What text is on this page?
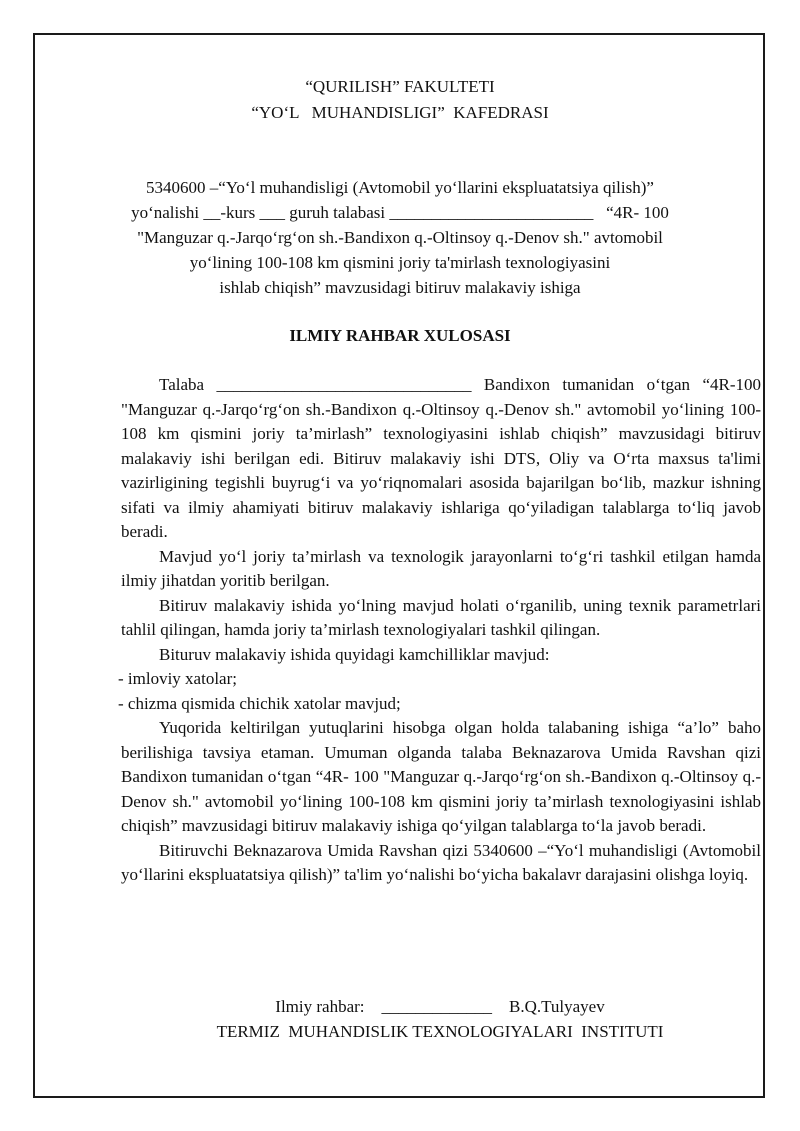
“QURILISH” FAKULTETI
“YO‘L   MUHANDISLIGI”  KAFEDRASI
5340600 –“Yo‘l muhandisligi (Avtomobil yo‘llarini ekspluatatsiya qilish)”
yo‘nalishi __-kurs ___ guruh talabasi ________________________   “4R- 100
"Manguzar q.-Jarqo‘rg‘on sh.-Bandixon q.-Oltinsoy q.-Denov sh." avtomobil
yo‘lining 100-108 km qismini joriy ta'mirlash texnologiyasini
ishlab chiqish” mavzusidagi bitiruv malakaviy ishiga
ILMIY RAHBAR XULOSASI

Talaba ______________________________ Bandixon tumanidan o‘tgan “4R-100 "Manguzar q.-Jarqo‘rg‘on sh.-Bandixon q.-Oltinsoy q.-Denov sh." avtomobil yo‘lining 100-108 km qismini joriy ta’mirlash” texnologiyasini ishlab chiqish” mavzusidagi bitiruv malakaviy ishi berilgan edi. Bitiruv malakaviy ishi DTS, Oliy va O‘rta maxsus ta'limi vazirligining tegishli buyrug‘i va yo‘riqnomalari asosida bajarilgan bo‘lib, mazkur ishning sifati va ilmiy ahamiyati bitiruv malakaviy ishlariga qo‘yiladigan talablarga to‘liq javob beradi.

Mavjud yo‘l joriy ta’mirlash va texnologik jarayonlarni to‘g‘ri tashkil etilgan hamda ilmiy jihatdan yoritib berilgan.

Bitiruv malakaviy ishida yo‘lning mavjud holati o‘rganilib, uning texnik parametrlari tahlil qilingan, hamda joriy ta’mirlash texnologiyalari tashkil qilingan.

Bituruv malakaviy ishida quyidagi kamchilliklar mavjud:

- imloviy xatolar;

- chizma qismida chichik xatolar mavjud;

Yuqorida keltirilgan yutuqlarini hisobga olgan holda talabaning ishiga “a’lo” baho berilishiga tavsiya etaman. Umuman olganda talaba Beknazarova Umida Ravshan qizi Bandixon tumanidan o‘tgan “4R- 100 "Manguzar q.-Jarqo‘rg‘on sh.-Bandixon q.-Oltinsoy q.-Denov sh." avtomobil yo‘lining 100-108 km qismini joriy ta’mirlash texnologiyasini ishlab chiqish” mavzusidagi bitiruv malakaviy ishiga qo‘yilgan talablarga to‘la javob beradi.

Bitiruvchi Beknazarova Umida Ravshan qizi 5340600 –“Yo‘l muhandisligi (Avtomobil yo‘llarini ekspluatatsiya qilish)” ta'lim yo‘nalishi bo‘yicha bakalavr darajasini olishga loyiq.

Ilmiy rahbar:    _____________    B.Q.Tulyayev
TERMIZ  MUHANDISLIK TEXNOLOGIYALARI  INSTITUTI
